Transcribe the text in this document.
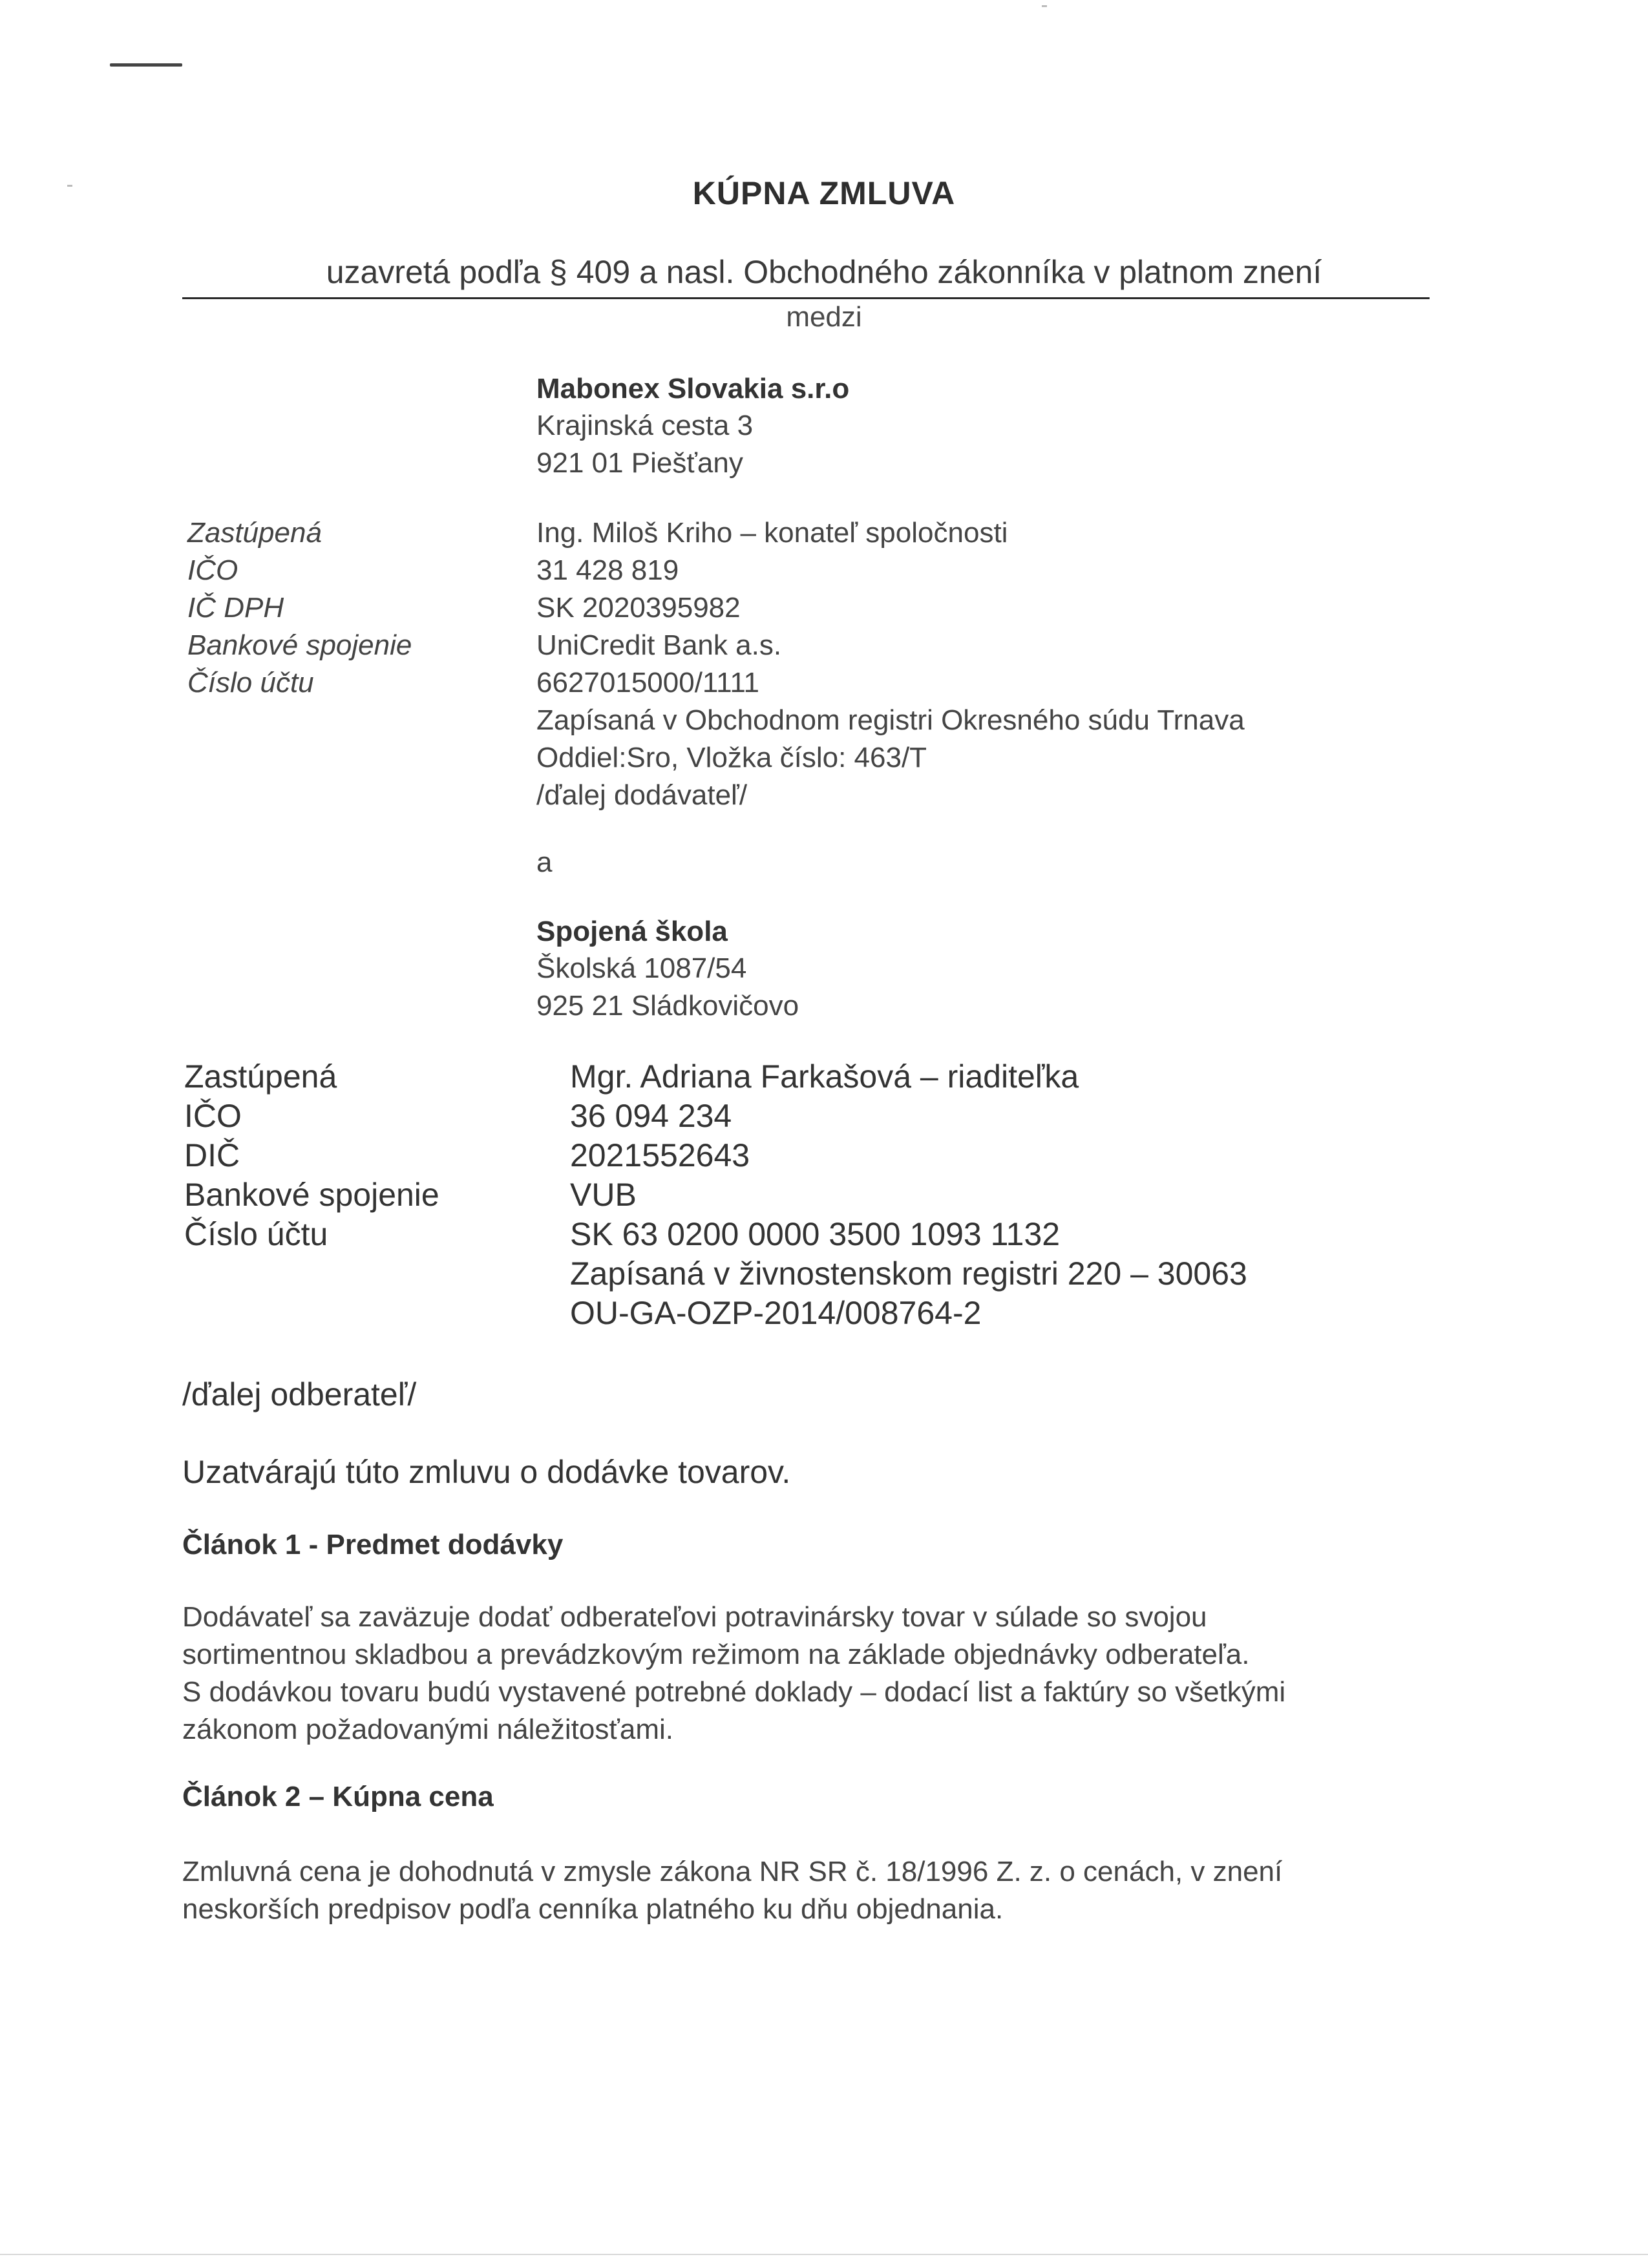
KÚPNA ZMLUVA
uzavretá podľa § 409 a nasl. Obchodného zákonníka v platnom znení
medzi
Mabonex Slovakia s.r.o
Krajinská cesta 3
921 01 Piešťany
Zastúpená
IČO
IČ DPH
Bankové spojenie
Číslo účtu
Ing. Miloš Kriho – konateľ spoločnosti
31 428 819
SK 2020395982
UniCredit Bank a.s.
6627015000/1111
Zapísaná v Obchodnom registri Okresného súdu Trnava
Oddiel:Sro, Vložka číslo: 463/T
/ďalej dodávateľ/
a
Spojená škola
Školská 1087/54
925 21 Sládkovičovo
Zastúpená
IČO
DIČ
Bankové spojenie
Číslo účtu
Mgr. Adriana Farkašová – riaditeľka
36 094 234
2021552643
VUB
SK 63 0200 0000 3500 1093 1132
Zapísaná v živnostenskom registri 220 – 30063
OU-GA-OZP-2014/008764-2
/ďalej odberateľ/
Uzatvárajú túto zmluvu o dodávke tovarov.
Článok 1 - Predmet dodávky
Dodávateľ sa zaväzuje dodať odberateľovi potravinársky tovar v súlade so svojou
sortimentnou skladbou a prevádzkovým režimom na základe objednávky odberateľa.
S dodávkou tovaru budú vystavené potrebné doklady – dodací list a faktúry so všetkými
zákonom požadovanými náležitosťami.
Článok 2 – Kúpna cena
Zmluvná cena je dohodnutá v zmysle zákona NR SR č. 18/1996 Z. z. o cenách, v znení
neskorších predpisov podľa cenníka platného ku dňu objednania.
